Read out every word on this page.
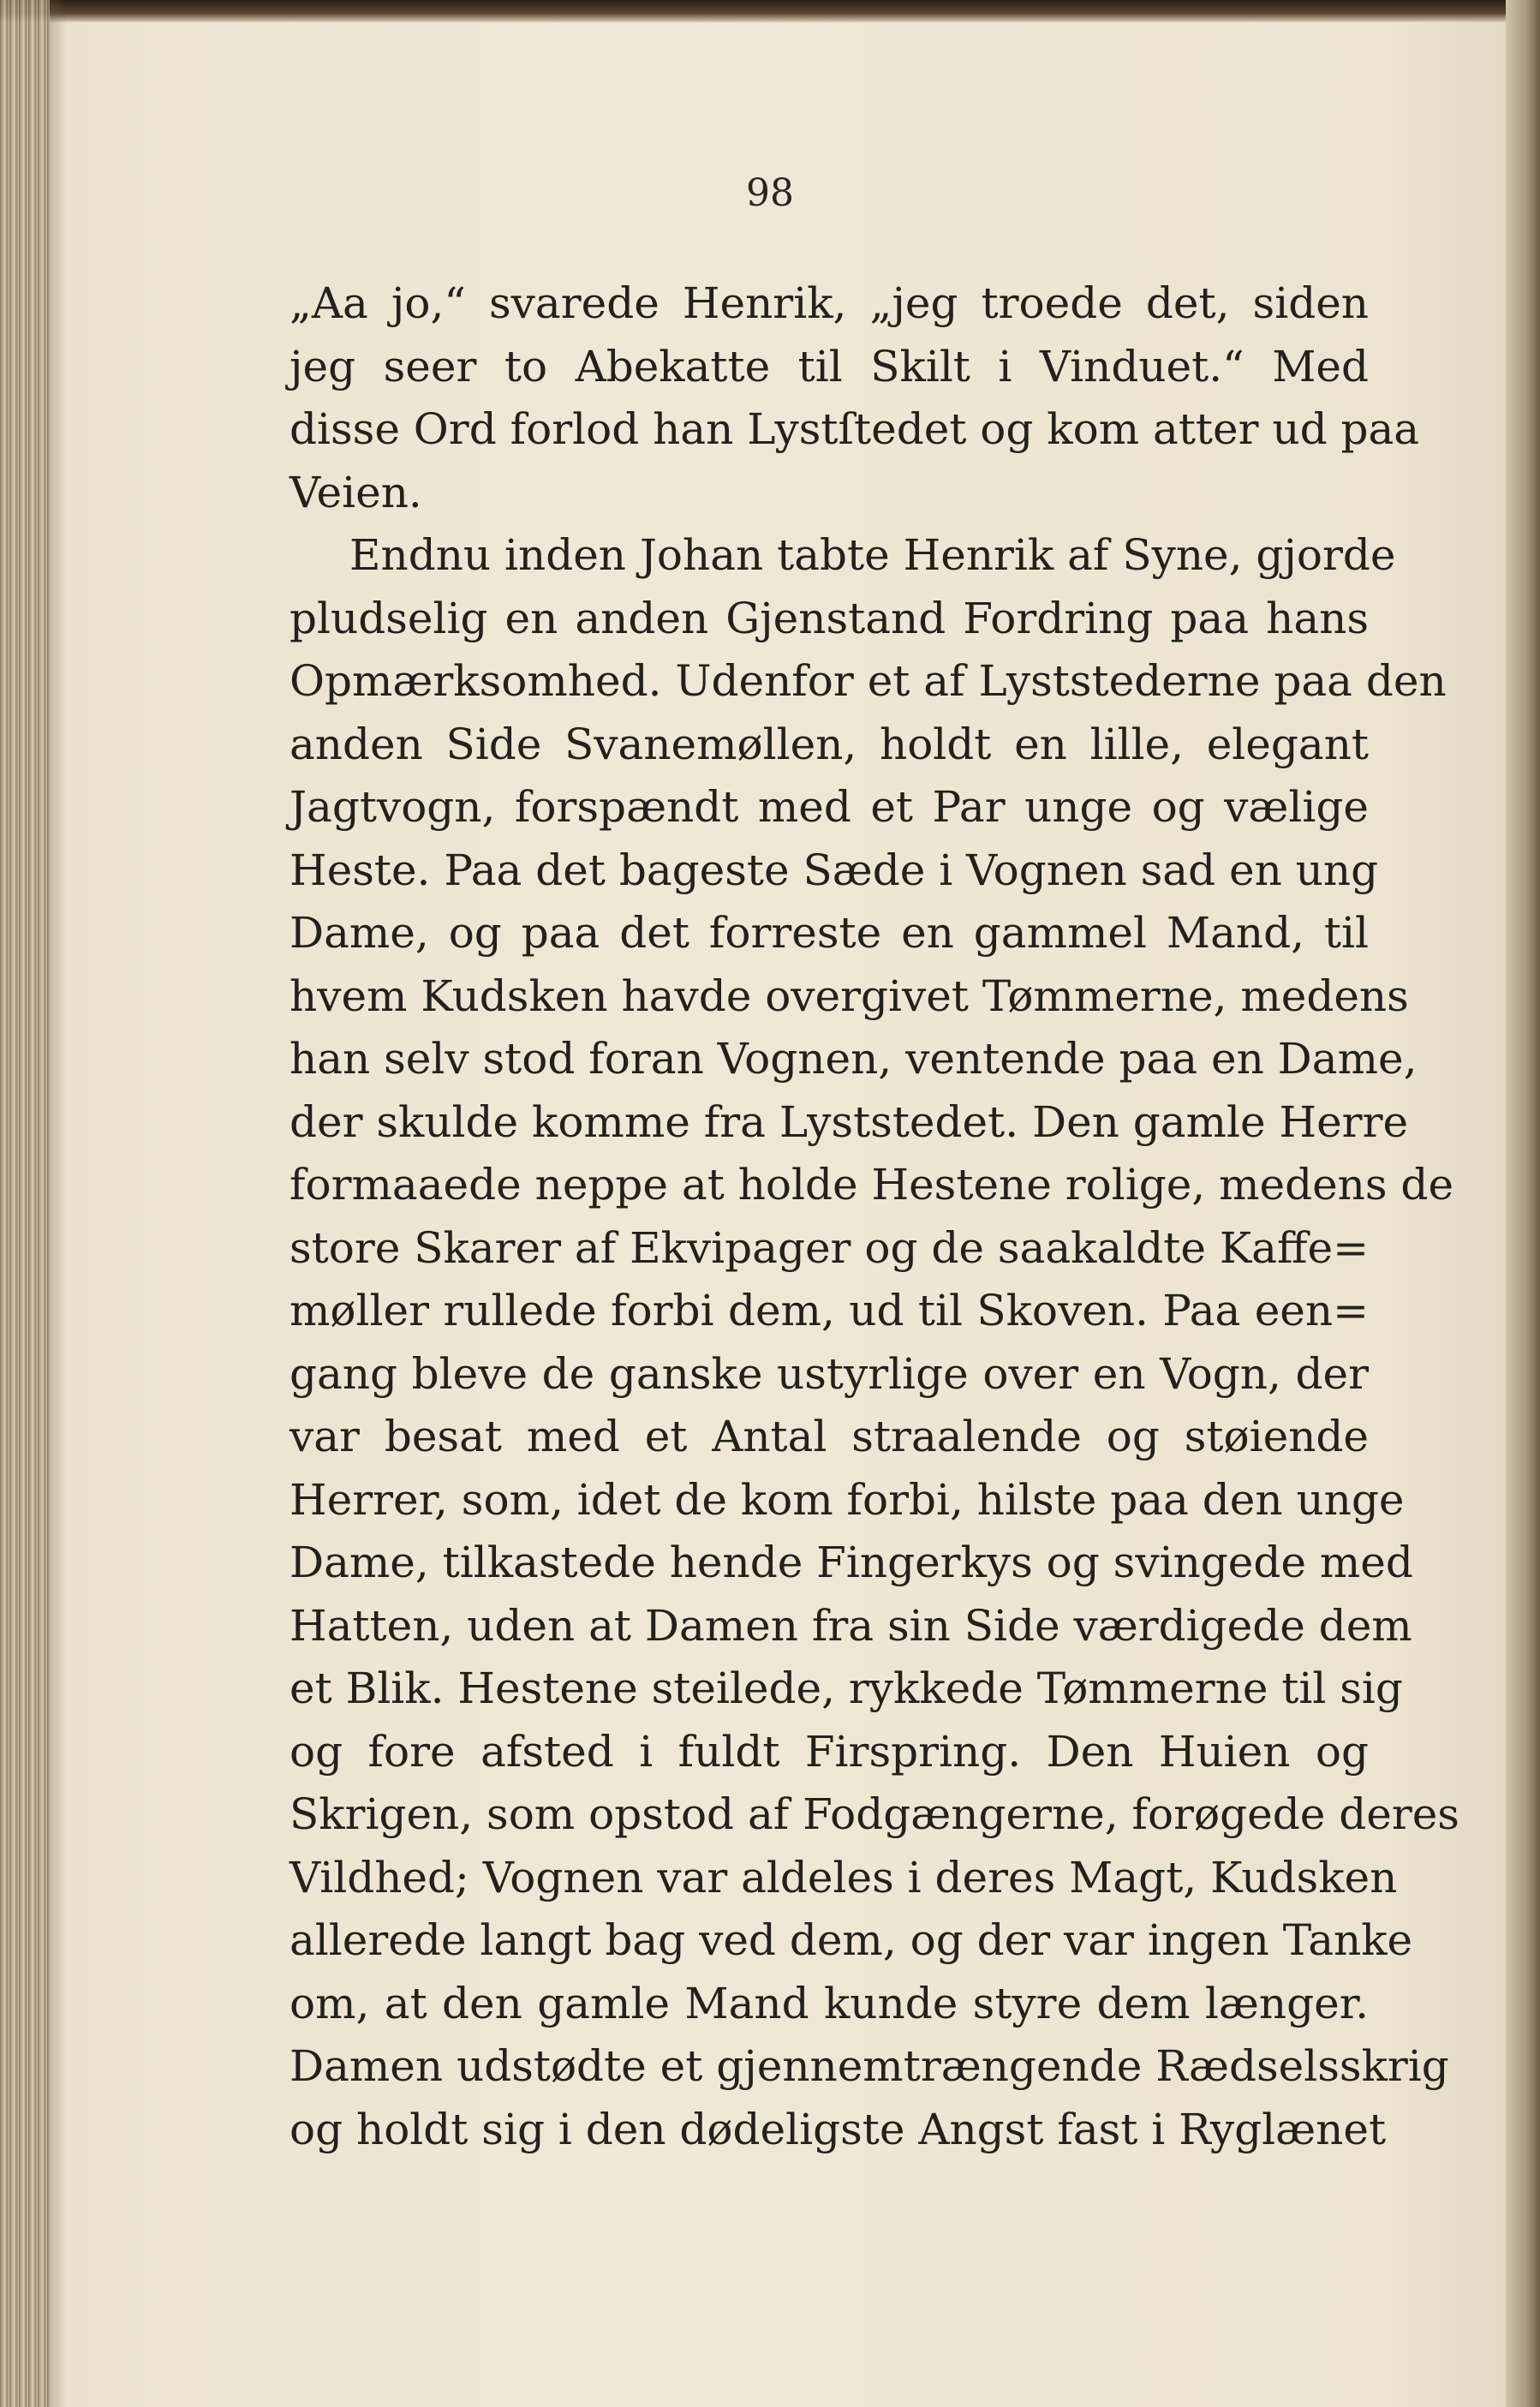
98
„Aa jo,“ svarede Henrik, „jeg troede det, siden
jeg seer to Abekatte til Skilt i Vinduet.“ Med
disse Ord forlod han Lystſtedet og kom atter ud paa
Veien.
Endnu inden Johan tabte Henrik af Syne, gjorde
pludselig en anden Gjenstand Fordring paa hans
Opmærksomhed. Udenfor et af Lyststederne paa den
anden Side Svanemøllen, holdt en lille, elegant
Jagtvogn, forspændt med et Par unge og vælige
Heste. Paa det bageste Sæde i Vognen sad en ung
Dame, og paa det forreste en gammel Mand, til
hvem Kudsken havde overgivet Tømmerne, medens
han selv stod foran Vognen, ventende paa en Dame,
der skulde komme fra Lyststedet. Den gamle Herre
formaaede neppe at holde Hestene rolige, medens de
store Skarer af Ekvipager og de saakaldte Kaffe=
møller rullede forbi dem, ud til Skoven. Paa een=
gang bleve de ganske ustyrlige over en Vogn, der
var besat med et Antal straalende og støiende
Herrer, som, idet de kom forbi, hilste paa den unge
Dame, tilkastede hende Fingerkys og svingede med
Hatten, uden at Damen fra sin Side værdigede dem
et Blik. Hestene steilede, rykkede Tømmerne til sig
og fore afsted i fuldt Firspring. Den Huien og
Skrigen, som opstod af Fodgængerne, forøgede deres
Vildhed; Vognen var aldeles i deres Magt, Kudsken
allerede langt bag ved dem, og der var ingen Tanke
om, at den gamle Mand kunde styre dem længer.
Damen udstødte et gjennemtrængende Rædselsskrig
og holdt sig i den dødeligste Angst fast i Ryglænet
